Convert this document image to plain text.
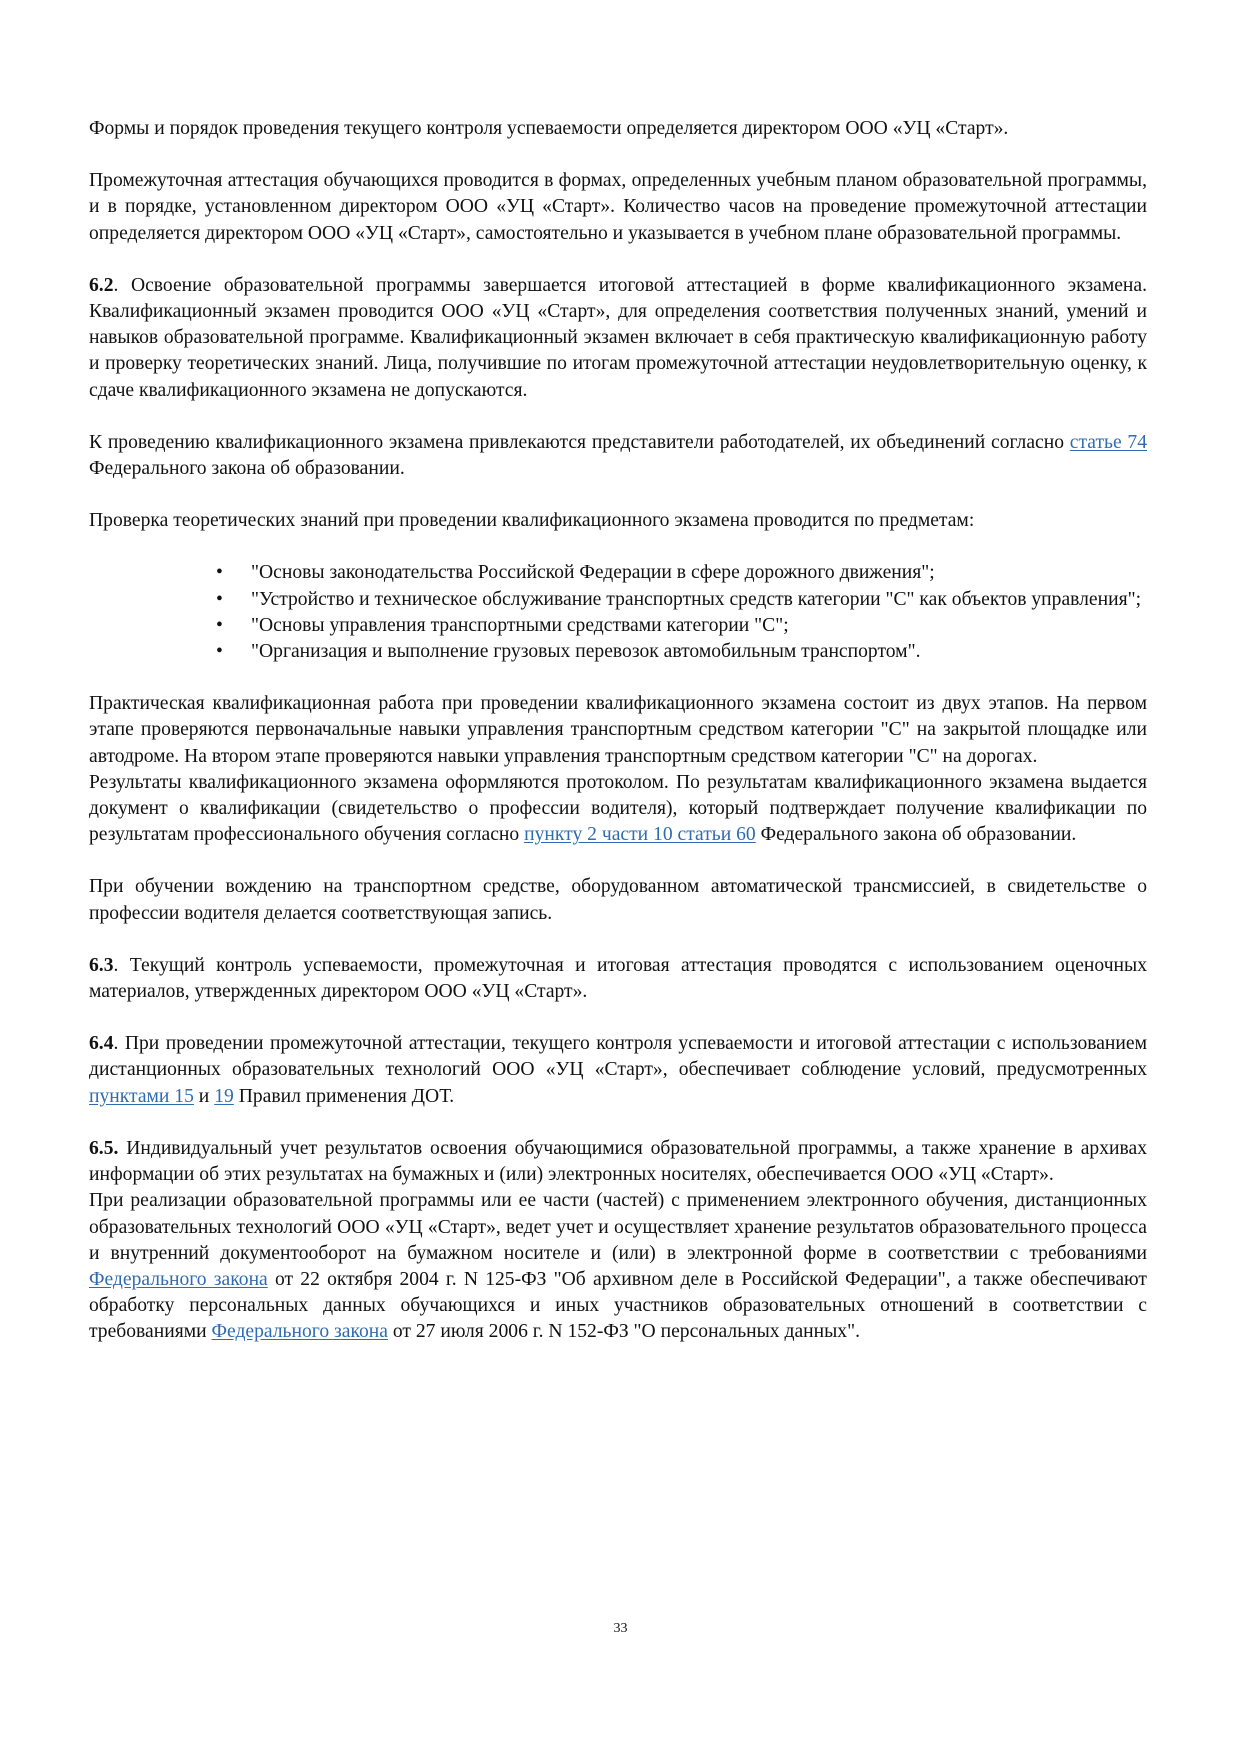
Формы и порядок проведения текущего контроля успеваемости определяется директором ООО «УЦ «Старт».

Промежуточная аттестация обучающихся проводится в формах, определенных учебным планом образовательной программы, и в порядке, установленном директором ООО «УЦ «Старт». Количество часов на проведение промежуточной аттестации определяется директором ООО «УЦ «Старт», самостоятельно и указывается в учебном плане образовательной программы.

6.2. Освоение образовательной программы завершается итоговой аттестацией в форме квалификационного экзамена. Квалификационный экзамен проводится ООО «УЦ «Старт», для определения соответствия полученных знаний, умений и навыков образовательной программе. Квалификационный экзамен включает в себя практическую квалификационную работу и проверку теоретических знаний. Лица, получившие по итогам промежуточной аттестации неудовлетворительную оценку, к сдаче квалификационного экзамена не допускаются.

К проведению квалификационного экзамена привлекаются представители работодателей, их объединений согласно статье 74 Федерального закона об образовании.

Проверка теоретических знаний при проведении квалификационного экзамена проводится по предметам:

• "Основы законодательства Российской Федерации в сфере дорожного движения";
• "Устройство и техническое обслуживание транспортных средств категории "C" как объектов управления";
• "Основы управления транспортными средствами категории "C";
• "Организация и выполнение грузовых перевозок автомобильным транспортом".

Практическая квалификационная работа при проведении квалификационного экзамена состоит из двух этапов. На первом этапе проверяются первоначальные навыки управления транспортным средством категории "C" на закрытой площадке или автодроме. На втором этапе проверяются навыки управления транспортным средством категории "C" на дорогах.

Результаты квалификационного экзамена оформляются протоколом. По результатам квалификационного экзамена выдается документ о квалификации (свидетельство о профессии водителя), который подтверждает получение квалификации по результатам профессионального обучения согласно пункту 2 части 10 статьи 60 Федерального закона об образовании.

При обучении вождению на транспортном средстве, оборудованном автоматической трансмиссией, в свидетельстве о профессии водителя делается соответствующая запись.

6.3. Текущий контроль успеваемости, промежуточная и итоговая аттестация проводятся с использованием оценочных материалов, утвержденных директором ООО «УЦ «Старт».

6.4. При проведении промежуточной аттестации, текущего контроля успеваемости и итоговой аттестации с использованием дистанционных образовательных технологий ООО «УЦ «Старт», обеспечивает соблюдение условий, предусмотренных пунктами 15 и 19 Правил применения ДОТ.

6.5. Индивидуальный учет результатов освоения обучающимися образовательной программы, а также хранение в архивах информации об этих результатах на бумажных и (или) электронных носителях, обеспечивается ООО «УЦ «Старт».

При реализации образовательной программы или ее части (частей) с применением электронного обучения, дистанционных образовательных технологий ООО «УЦ «Старт», ведет учет и осуществляет хранение результатов образовательного процесса и внутренний документооборот на бумажном носителе и (или) в электронной форме в соответствии с требованиями Федерального закона от 22 октября 2004 г. N 125-ФЗ "Об архивном деле в Российской Федерации", а также обеспечивают обработку персональных данных обучающихся и иных участников образовательных отношений в соответствии с требованиями Федерального закона от 27 июля 2006 г. N 152-ФЗ "О персональных данных".

33
